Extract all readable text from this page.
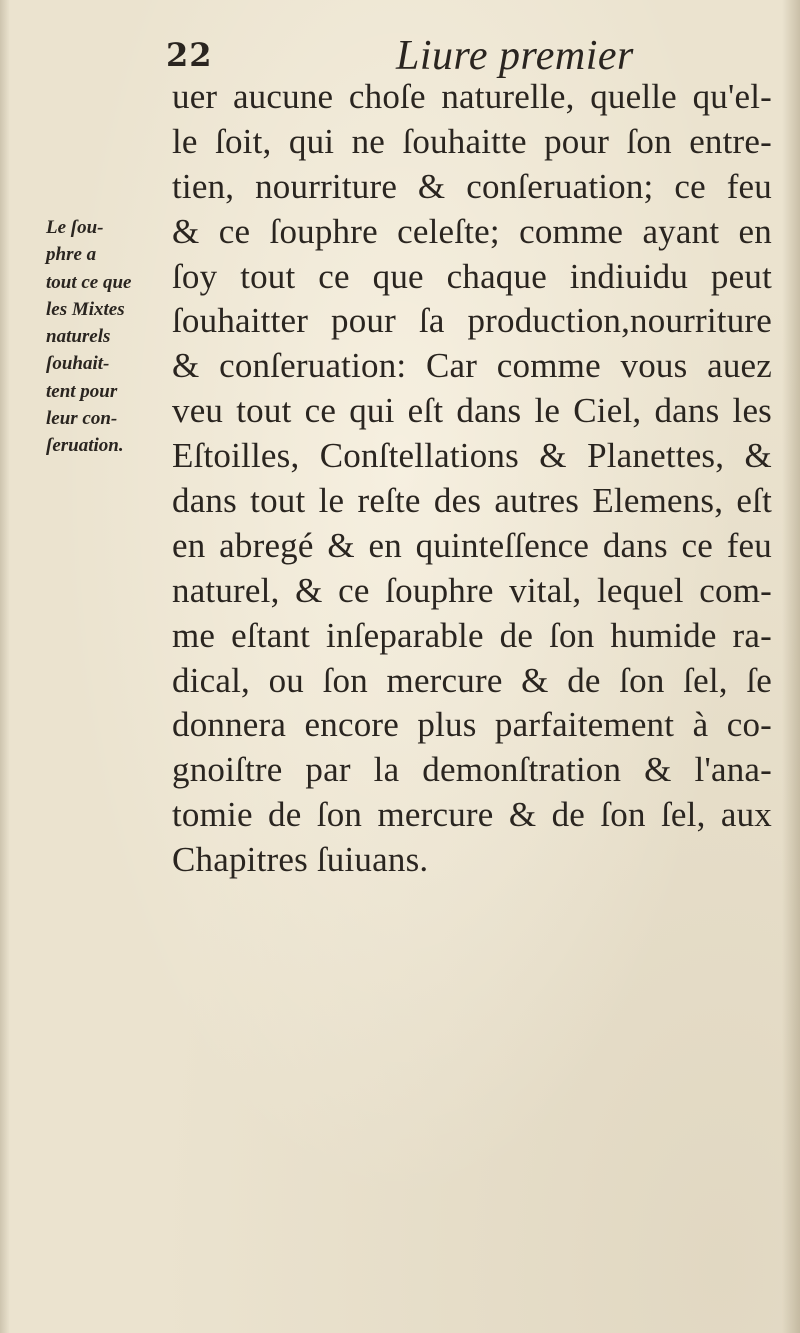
22	Liure premier
Le ſou-
phre a
tout ce que
les Mixtes
naturels
ſouhait-
tent pour
leur con-
ſeruation.
uer aucune choſe naturelle, quelle qu'el-
le ſoit, qui ne ſouhaitte pour ſon entre-
tien, nourriture & conſeruation; ce feu
& ce ſouphre celeſte; comme ayant en
ſoy tout ce que chaque indiuidu peut
ſouhaitter pour ſa production,nourriture
& conſeruation: Car comme vous auez
veu tout ce qui eſt dans le Ciel, dans les
Eſtoilles, Conſtellations & Planettes, &
dans tout le reſte des autres Elemens, eſt
en abregé & en quinteſſence dans ce feu
naturel, & ce ſouphre vital, lequel com-
me eſtant inſeparable de ſon humide ra-
dical, ou ſon mercure & de ſon ſel, ſe
donnera encore plus parfaitement à co-
gnoiſtre par la demonſtration & l'ana-
tomie de ſon mercure & de ſon ſel, aux
Chapitres ſuiuans.
